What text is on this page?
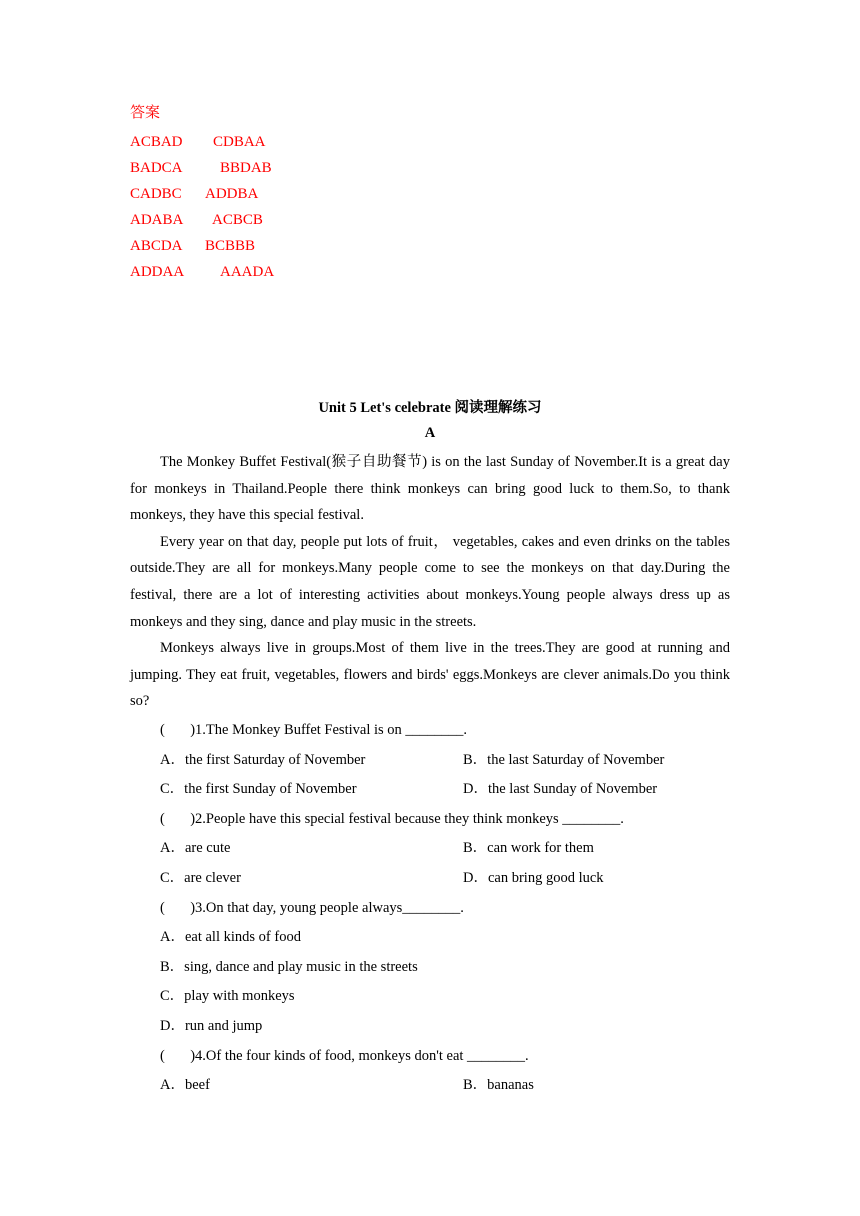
答案
ACBAD CDBAA
BADCA BBDAB
CADBC ADDBA
ADABA ACBCB
ABCDA BCBBB
ADDAA AAADA
Unit 5 Let's celebrate 阅读理解练习
A

The Monkey Buffet Festival(猴子自助餐节) is on the last Sunday of November.It is a great day for monkeys in Thailand.People there think monkeys can bring good luck to them.So, to thank monkeys, they have this special festival.

Every year on that day, people put lots of fruit， vegetables, cakes and even drinks on the tables outside.They are all for monkeys.Many people come to see the monkeys on that day.During the festival, there are a lot of interesting activities about monkeys.Young people always dress up as monkeys and they sing, dance and play music in the streets.

Monkeys always live in groups.Most of them live in the trees.They are good at running and jumping. They eat fruit, vegetables, flowers and birds' eggs.Monkeys are clever animals.Do you think so?

(       )1.The Monkey Buffet Festival is on ________.
A．the first Saturday of November	B．the last Saturday of November
C．the first Sunday of November	D．the last Sunday of November
(       )2.People have this special festival because they think monkeys ________.
A．are cute	B．can work for them
C．are clever	D．can bring good luck
(       )3.On that day, young people always________.
A．eat all kinds of food
B．sing, dance and play music in the streets
C．play with monkeys
D．run and jump
(       )4.Of the four kinds of food, monkeys don't eat ________.
A．beef	B．bananas
